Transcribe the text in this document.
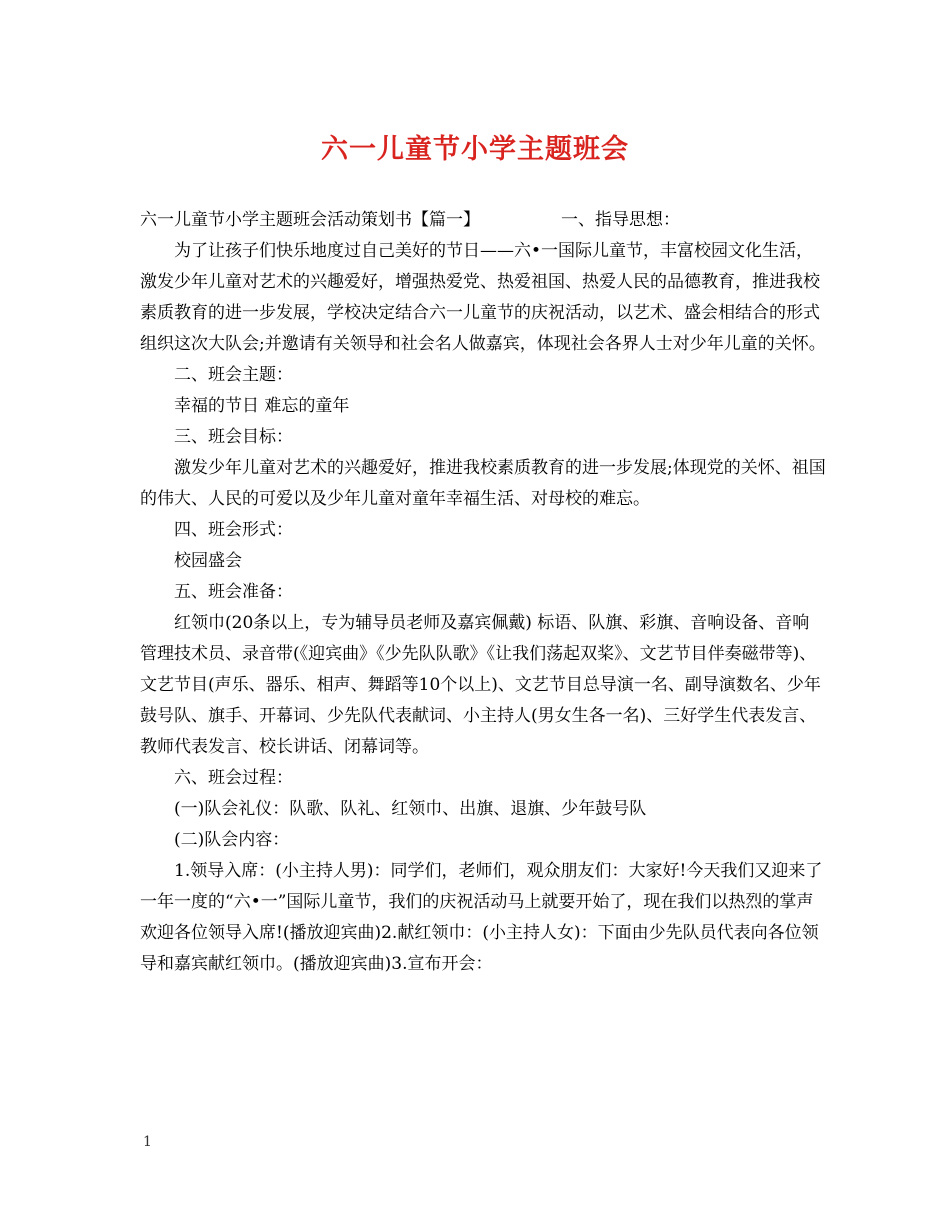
六一儿童节小学主题班会
六一儿童节小学主题班会活动策划书【篇一】	一、指导思想：

为了让孩子们快乐地度过自己美好的节日——六•一国际儿童节，丰富校园文化生活，激发少年儿童对艺术的兴趣爱好，增强热爱党、热爱祖国、热爱人民的品德教育，推进我校素质教育的进一步发展，学校决定结合六一儿童节的庆祝活动，以艺术、盛会相结合的形式组织这次大队会;并邀请有关领导和社会名人做嘉宾，体现社会各界人士对少年儿童的关怀。

二、班会主题：

幸福的节日 难忘的童年

三、班会目标：

激发少年儿童对艺术的兴趣爱好，推进我校素质教育的进一步发展;体现党的关怀、祖国的伟大、人民的可爱以及少年儿童对童年幸福生活、对母校的难忘。

四、班会形式：

校园盛会

五、班会准备：

红领巾(20条以上，专为辅导员老师及嘉宾佩戴) 标语、队旗、彩旗、音响设备、音响管理技术员、录音带(《迎宾曲》《少先队队歌》《让我们荡起双桨》、文艺节目伴奏磁带等)、文艺节目(声乐、器乐、相声、舞蹈等10个以上)、文艺节目总导演一名、副导演数名、少年鼓号队、旗手、开幕词、少先队代表献词、小主持人(男女生各一名)、三好学生代表发言、教师代表发言、校长讲话、闭幕词等。

六、班会过程：

(一)队会礼仪：队歌、队礼、红领巾、出旗、退旗、少年鼓号队

(二)队会内容：

1.领导入席：(小主持人男)：同学们，老师们，观众朋友们：大家好!今天我们又迎来了一年一度的“六•一”国际儿童节，我们的庆祝活动马上就要开始了，现在我们以热烈的掌声欢迎各位领导入席!(播放迎宾曲)2.献红领巾：(小主持人女)：下面由少先队员代表向各位领导和嘉宾献红领巾。(播放迎宾曲)3.宣布开会：

1
